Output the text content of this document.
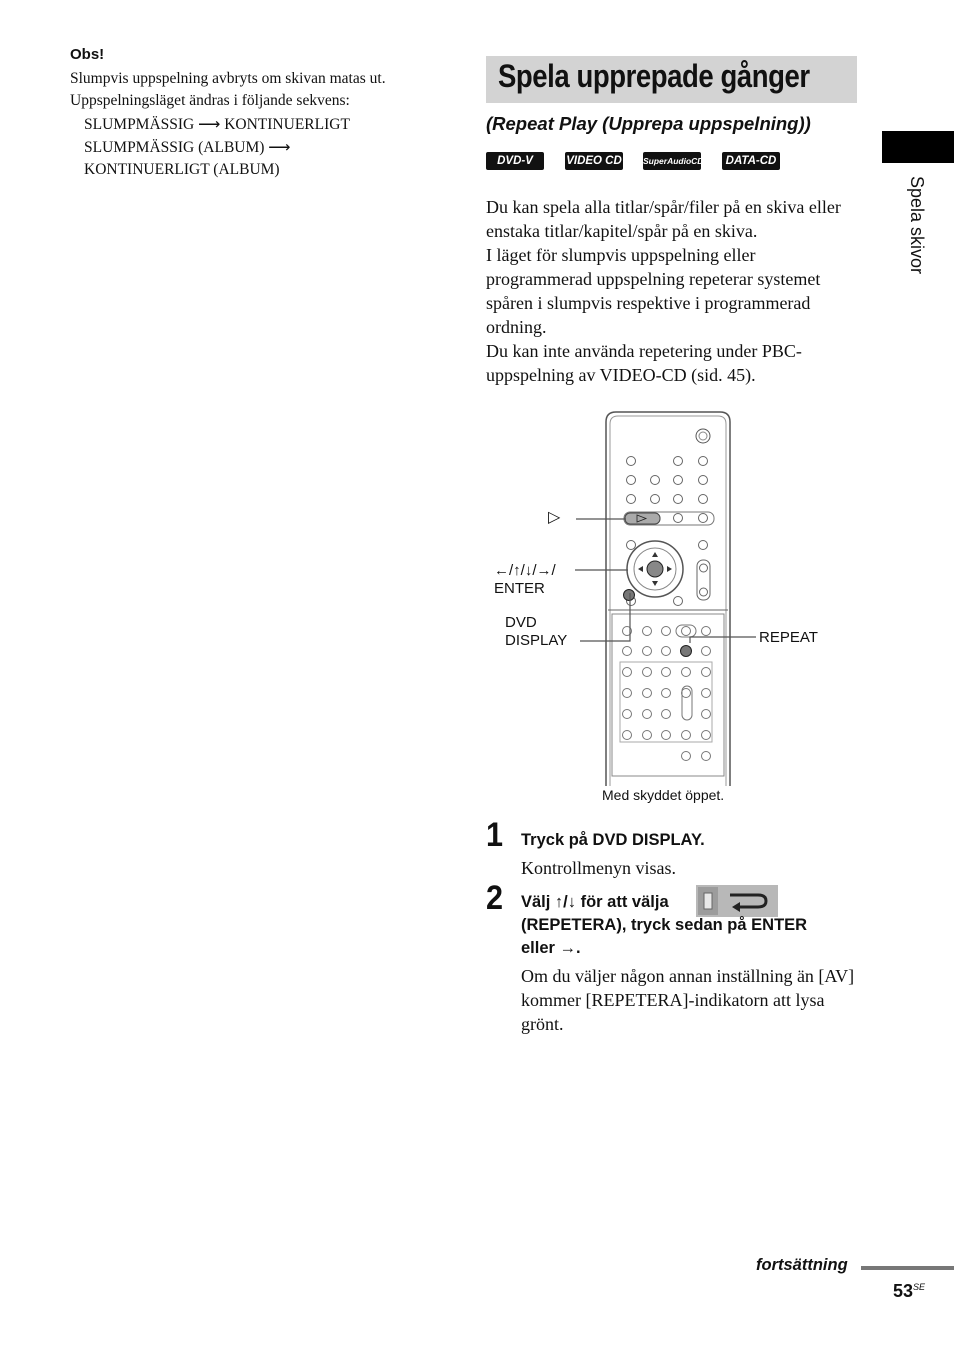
Obs!
Slumpvis uppspelning avbryts om skivan matas ut.
Uppspelningsläget ändras i följande sekvens:
SLUMPMÄSSIG ⟶ KONTINUERLIGT
SLUMPMÄSSIG (ALBUM) ⟶
KONTINUERLIGT (ALBUM)
Spela upprepade gånger
(Repeat Play (Upprepa uppspelning))
DVD-V	VIDEO CD SuperAudioCD	DATA-CD

Du kan spela alla titlar/spår/filer på en skiva eller enstaka titlar/kapitel/spår på en skiva.

I läget för slumpvis uppspelning eller programmerad uppspelning repeterar systemet spåren i slumpvis respektive i programmerad ordning.

Du kan inte använda repetering under PBC-uppspelning av VIDEO-CD (sid. 45).

Spela skivor
▷
←/↑/↓/→/
ENTER
DVD
DISPLAY	REPEAT
Med skyddet öppet.
1 Tryck på DVD DISPLAY.
Kontrollmenyn visas.
2 Välj ↑/↓ för att välja
(REPETERA), tryck sedan på ENTER
eller →.
Om du väljer någon annan inställning än [AV] kommer [REPETERA]-indikatorn att lysa grönt.
fortsättning
$53^{SE}$
